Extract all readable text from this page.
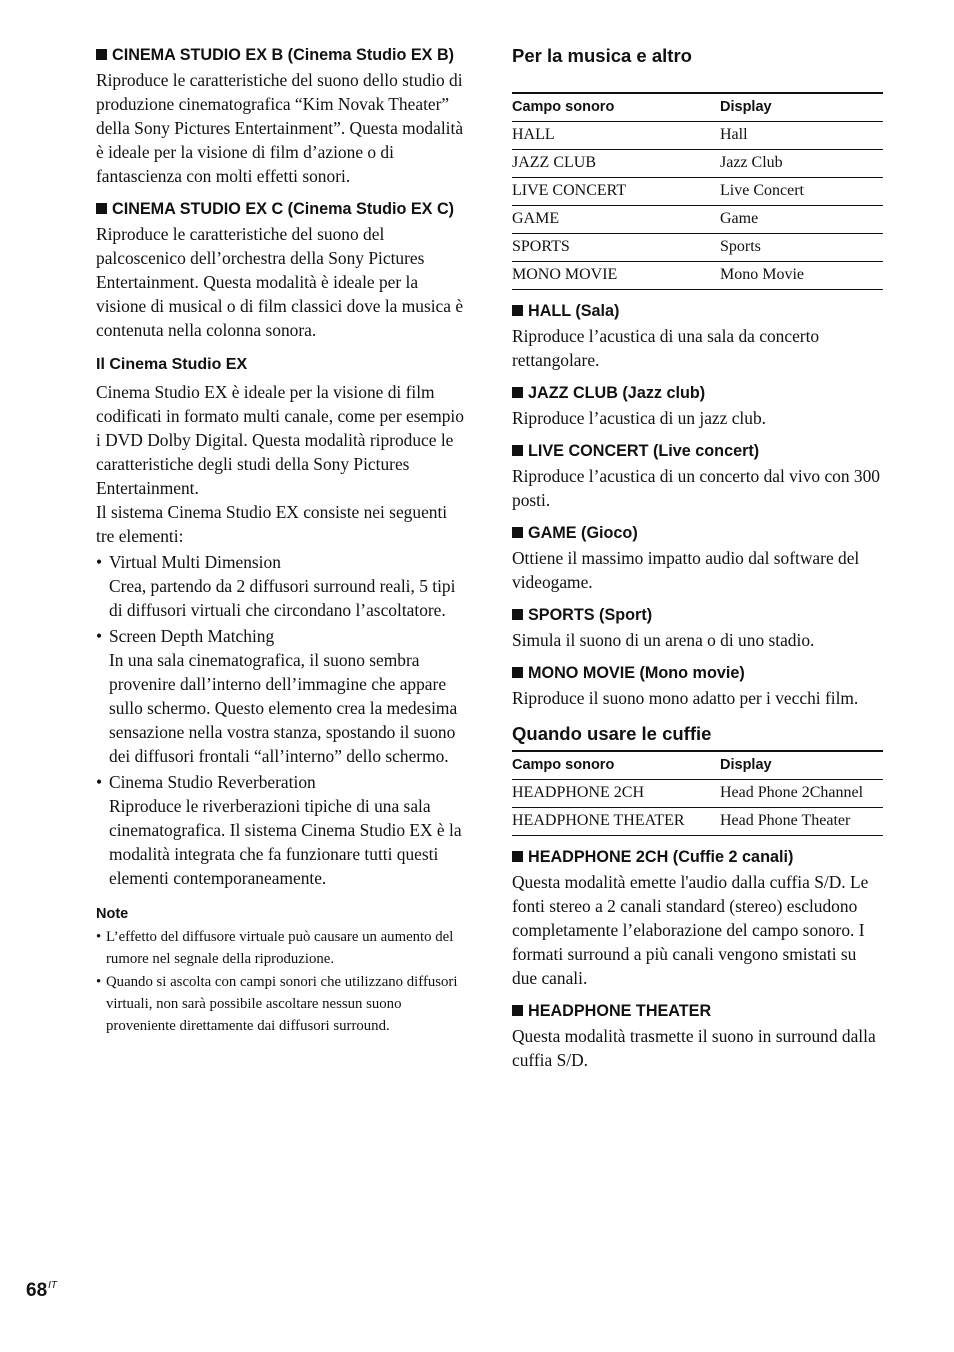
CINEMA STUDIO EX B (Cinema Studio EX B)

Riproduce le caratteristiche del suono dello studio di produzione cinematografica “Kim Novak Theater” della Sony Pictures Entertainment”. Questa modalità è ideale per la visione di film d’azione o di fantascienza con molti effetti sonori.

CINEMA STUDIO EX C (Cinema Studio EX C)

Riproduce le caratteristiche del suono del palcoscenico dell’orchestra della Sony Pictures Entertainment. Questa modalità è ideale per la visione di musical o di film classici dove la musica è contenuta nella colonna sonora.

Il Cinema Studio EX

Cinema Studio EX è ideale per la visione di film codificati in formato multi canale, come per esempio i DVD Dolby Digital. Questa modalità riproduce le caratteristiche degli studi della Sony Pictures Entertainment.

Il sistema Cinema Studio EX consiste nei seguenti tre elementi:

• Virtual Multi Dimension
Crea, partendo da 2 diffusori surround reali, 5 tipi di diffusori virtuali che circondano l’ascoltatore.
• Screen Depth Matching
In una sala cinematografica, il suono sembra provenire dall’interno dell’immagine che appare sullo schermo. Questo elemento crea la medesima sensazione nella vostra stanza, spostando il suono dei diffusori frontali “all’interno” dello schermo.
• Cinema Studio Reverberation
Riproduce le riverberazioni tipiche di una sala cinematografica. Il sistema Cinema Studio EX è la modalità integrata che fa funzionare tutti questi elementi contemporaneamente.
Note
• L’effetto del diffusore virtuale può causare un aumento del rumore nel segnale della riproduzione.
• Quando si ascolta con campi sonori che utilizzano diffusori virtuali, non sarà possibile ascoltare nessun suono proveniente direttamente dai diffusori surround.
Per la musica e altro
Campo sonoro	Display
HALL	Hall
JAZZ CLUB	Jazz Club
LIVE CONCERT	Live Concert
GAME	Game
SPORTS	Sports
MONO MOVIE	Mono Movie
HALL (Sala)

Riproduce l’acustica di una sala da concerto rettangolare.

JAZZ CLUB (Jazz club)

Riproduce l’acustica di un jazz club.

LIVE CONCERT (Live concert)

Riproduce l’acustica di un concerto dal vivo con 300 posti.

GAME (Gioco)

Ottiene il massimo impatto audio dal software del videogame.

SPORTS (Sport)

Simula il suono di un arena o di uno stadio.

MONO MOVIE (Mono movie)

Riproduce il suono mono adatto per i vecchi film.

Quando usare le cuffie
Campo sonoro	Display
HEADPHONE 2CH	Head Phone 2Channel
HEADPHONE THEATER	Head Phone Theater
HEADPHONE 2CH (Cuffie 2 canali)

Questa modalità emette l'audio dalla cuffia S/D. Le fonti stereo a 2 canali standard (stereo) escludono completamente l’elaborazione del campo sonoro. I formati surround a più canali vengono smistati su due canali.

HEADPHONE THEATER

Questa modalità trasmette il suono in surround dalla cuffia S/D.

$68^{IT}$
